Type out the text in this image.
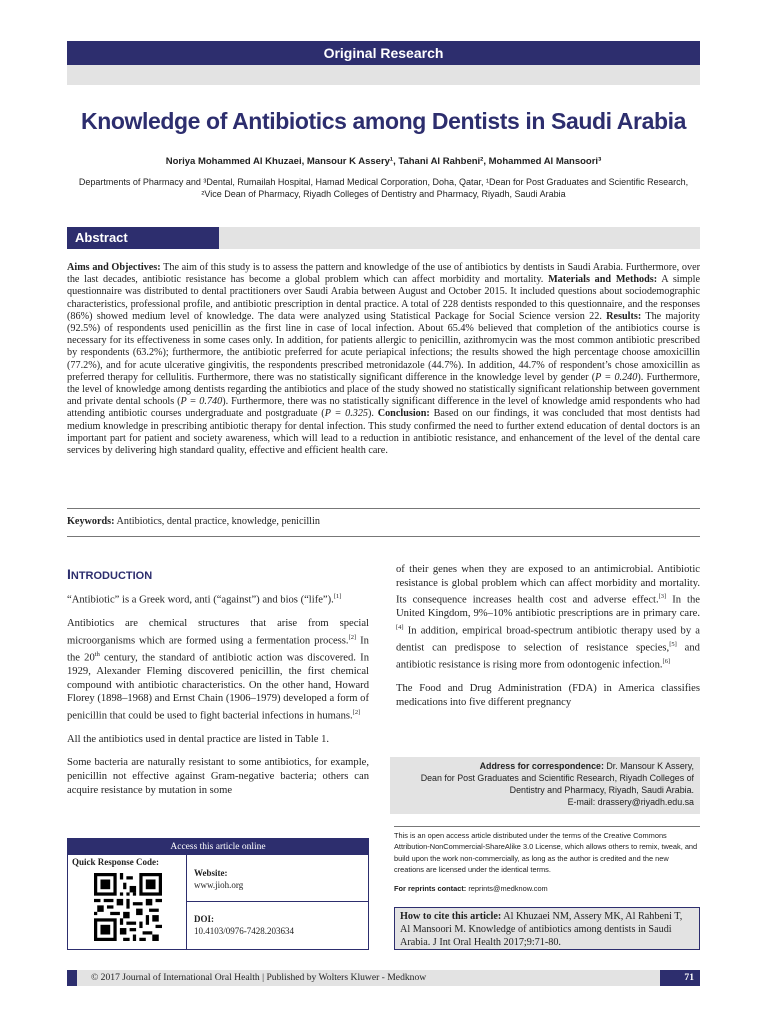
Original Research
Knowledge of Antibiotics among Dentists in Saudi Arabia
Noriya Mohammed Al Khuzaei, Mansour K Assery¹, Tahani Al Rahbeni², Mohammed Al Mansoori³
Departments of Pharmacy and ³Dental, Rumailah Hospital, Hamad Medical Corporation, Doha, Qatar, ¹Dean for Post Graduates and Scientific Research,
²Vice Dean of Pharmacy, Riyadh Colleges of Dentistry and Pharmacy, Riyadh, Saudi Arabia
Abstract
Aims and Objectives: The aim of this study is to assess the pattern and knowledge of the use of antibiotics by dentists in Saudi Arabia. Furthermore, over the last decades, antibiotic resistance has become a global problem which can affect morbidity and mortality. Materials and Methods: A simple questionnaire was distributed to dental practitioners over Saudi Arabia between August and October 2015. It included questions about sociodemographic characteristics, professional profile, and antibiotic prescription in dental practice. A total of 228 dentists responded to this questionnaire, and the responses (86%) showed medium level of knowledge. The data were analyzed using Statistical Package for Social Science version 22. Results: The majority (92.5%) of respondents used penicillin as the first line in case of local infection. About 65.4% believed that completion of the antibiotics course is necessary for its effectiveness in some cases only. In addition, for patients allergic to penicillin, azithromycin was the most common antibiotic prescribed by respondents (63.2%); furthermore, the antibiotic preferred for acute periapical infections; the results showed the high percentage choose amoxicillin (77.2%), and for acute ulcerative gingivitis, the respondents prescribed metronidazole (44.7%). In addition, 44.7% of respondent’s chose amoxicillin as preferred therapy for cellulitis. Furthermore, there was no statistically significant difference in the knowledge level by gender (P = 0.240). Furthermore, the level of knowledge among dentists regarding the antibiotics and place of the study showed no statistically significant relationship between government and private dental schools (P = 0.740). Furthermore, there was no statistically significant difference in the level of knowledge amid respondents who had attending antibiotic courses undergraduate and postgraduate (P = 0.325). Conclusion: Based on our findings, it was concluded that most dentists had medium knowledge in prescribing antibiotic therapy for dental infection. This study confirmed the need to further extend education of dental doctors is an important part for patient and society awareness, which will lead to a reduction in antibiotic resistance, and enhancement of the level of the dental care services by delivering high standard quality, effective and efficient health care.
Keywords: Antibiotics, dental practice, knowledge, penicillin
INTRODUCTION

“Antibiotic” is a Greek word, anti (“against”) and bios (“life”).[1]

Antibiotics are chemical structures that arise from special microorganisms which are formed using a fermentation process.[2] In the 20th century, the standard of antibiotic action was discovered. In 1929, Alexander Fleming discovered penicillin, the first chemical compound with antibiotic characteristics. On the other hand, Howard Florey (1898–1968) and Ernst Chain (1906–1979) developed a form of penicillin that could be used to fight bacterial infections in humans.[2]

All the antibiotics used in dental practice are listed in Table 1.

Some bacteria are naturally resistant to some antibiotics, for example, penicillin not effective against Gram-negative bacteria; others can acquire resistance by mutation in some

of their genes when they are exposed to an antimicrobial. Antibiotic resistance is global problem which can affect morbidity and mortality. Its consequence increases health cost and adverse effect.[3] In the United Kingdom, 9%–10% antibiotic prescriptions are in primary care.[4] In addition, empirical broad-spectrum antibiotic therapy used by a dentist can predispose to selection of resistance species,[5] and antibiotic resistance is rising more from odontogenic infection.[6]

The Food and Drug Administration (FDA) in America classifies medications into five different pregnancy

Access this article online
Quick Response Code:
Website:
www.jioh.org
DOI:
10.4103/0976-7428.203634
Address for correspondence: Dr. Mansour K Assery,
Dean for Post Graduates and Scientific Research, Riyadh Colleges of
Dentistry and Pharmacy, Riyadh, Saudi Arabia.
E-mail: drassery@riyadh.edu.sa
This is an open access article distributed under the terms of the Creative Commons Attribution-NonCommercial-ShareAlike 3.0 License, which allows others to remix, tweak, and build upon the work non-commercially, as long as the author is credited and the new creations are licensed under the identical terms.
For reprints contact: reprints@medknow.com
How to cite this article: Al Khuzaei NM, Assery MK, Al Rahbeni T, Al Mansoori M. Knowledge of antibiotics among dentists in Saudi Arabia. J Int Oral Health 2017;9:71-80.
© 2017 Journal of International Oral Health | Published by Wolters Kluwer - Medknow	71
